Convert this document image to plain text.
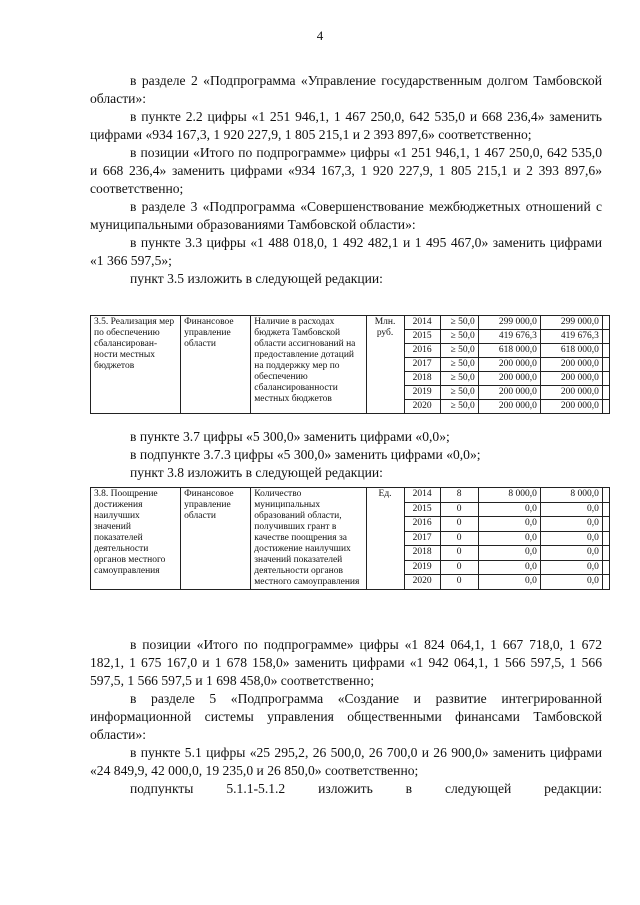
4

в разделе 2 «Подпрограмма «Управление государственным долгом Тамбовской области»:

в пункте 2.2 цифры «1 251 946,1, 1 467 250,0, 642 535,0 и 668 236,4» заменить цифрами «934 167,3, 1 920 227,9, 1 805 215,1 и 2 393 897,6» соответственно;

в позиции «Итого по подпрограмме» цифры «1 251 946,1, 1 467 250,0, 642 535,0 и 668 236,4» заменить цифрами «934 167,3, 1 920 227,9, 1 805 215,1 и 2 393 897,6» соответственно;

в разделе 3 «Подпрограмма «Совершенствование межбюджетных отношений с муниципальными образованиями Тамбовской области»:

в пункте 3.3 цифры «1 488 018,0, 1 492 482,1 и 1 495 467,0» заменить цифрами «1 366 597,5»;

пункт 3.5 изложить в следующей редакции:

3.5. Реализация мер по обеспечению сбалансирован-ности местных бюджетов	Финансовое управление области	Наличие в расходах бюджета Тамбовской области ассигнований на предоставление дотаций на поддержку мер по обеспечению сбалансированности местных бюджетов	Млн. руб.	2014	≥ 50,0	299 000,0	299 000,0	
				2015	≥ 50,0	419 676,3	419 676,3	
				2016	≥ 50,0	618 000,0	618 000,0	
				2017	≥ 50,0	200 000,0	200 000,0	
				2018	≥ 50,0	200 000,0	200 000,0	
				2019	≥ 50,0	200 000,0	200 000,0	
				2020	≥ 50,0	200 000,0	200 000,0	

в пункте 3.7 цифры «5 300,0» заменить цифрами «0,0»;

в подпункте 3.7.3 цифры «5 300,0» заменить цифрами «0,0»;

пункт 3.8 изложить в следующей редакции:

3.8. Поощрение достижения наилучших значений показателей деятельности органов местного самоуправления	Финансовое управление области	Количество муниципальных образований области, получивших грант в качестве поощрения за достижение наилучших значений показателей деятельности органов местного самоуправления	Ед.	2014	8	8 000,0	8 000,0	
				2015	0	0,0	0,0	
				2016	0	0,0	0,0	
				2017	0	0,0	0,0	
				2018	0	0,0	0,0	
				2019	0	0,0	0,0	
				2020	0	0,0	0,0	

в позиции «Итого по подпрограмме» цифры «1 824 064,1, 1 667 718,0, 1 672 182,1, 1 675 167,0 и 1 678 158,0» заменить цифрами «1 942 064,1, 1 566 597,5, 1 566 597,5, 1 566 597,5 и 1 698 458,0» соответственно;

в разделе 5 «Подпрограмма «Создание и развитие интегрированной информационной системы управления общественными финансами Тамбовской области»:

в пункте 5.1 цифры «25 295,2, 26 500,0, 26 700,0 и 26 900,0» заменить цифрами «24 849,9, 42 000,0, 19 235,0 и 26 850,0» соответственно;

подпункты 5.1.1-5.1.2 изложить в следующей редакции:
